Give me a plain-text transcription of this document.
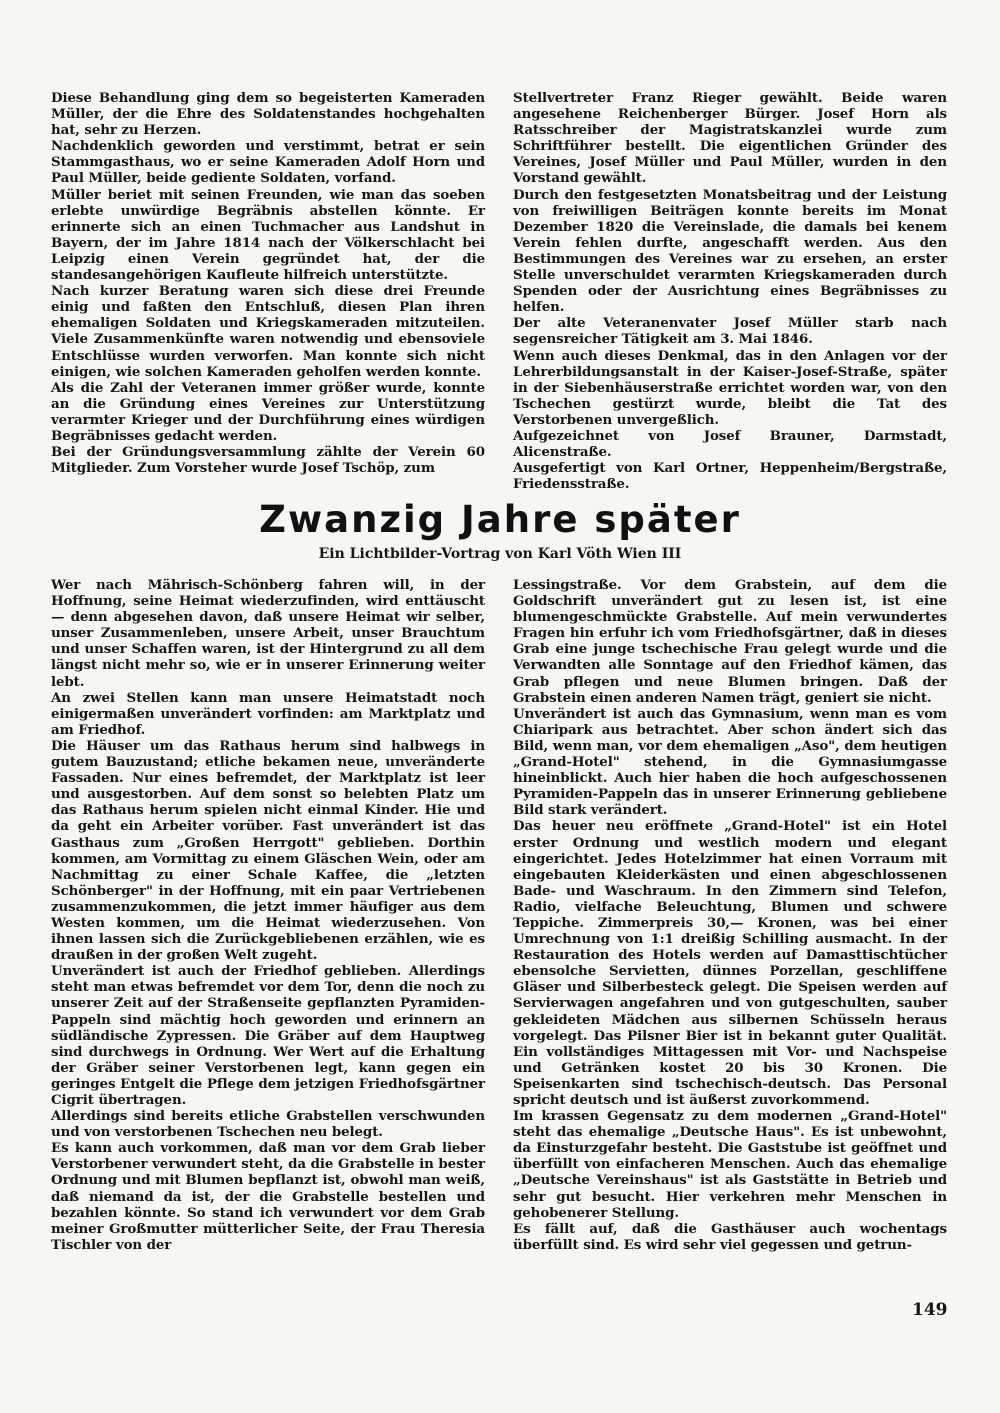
Diese Behandlung ging dem so begeisterten Kameraden Müller, der die Ehre des Soldatenstandes hochgehalten hat, sehr zu Herzen.

Nachdenklich geworden und verstimmt, betrat er sein Stammgasthaus, wo er seine Kameraden Adolf Horn und Paul Müller, beide gediente Soldaten, vorfand.

Müller beriet mit seinen Freunden, wie man das soeben erlebte unwürdige Begräbnis abstellen könnte. Er erinnerte sich an einen Tuchmacher aus Landshut in Bayern, der im Jahre 1814 nach der Völkerschlacht bei Leipzig einen Verein gegründet hat, der die standesangehörigen Kaufleute hilfreich unterstützte.

Nach kurzer Beratung waren sich diese drei Freunde einig und faßten den Entschluß, diesen Plan ihren ehemaligen Soldaten und Kriegskameraden mitzuteilen. Viele Zusammenkünfte waren notwendig und ebensoviele Entschlüsse wurden verworfen. Man konnte sich nicht einigen, wie solchen Kameraden geholfen werden konnte.

Als die Zahl der Veteranen immer größer wurde, konnte an die Gründung eines Vereines zur Unterstützung verarmter Krieger und der Durchführung eines würdigen Begräbnisses gedacht werden.

Bei der Gründungsversammlung zählte der Verein 60 Mitglieder. Zum Vorsteher wurde Josef Tschöp, zum

Stellvertreter Franz Rieger gewählt. Beide waren angesehene Reichenberger Bürger. Josef Horn als Ratsschreiber der Magistratskanzlei wurde zum Schriftführer bestellt. Die eigentlichen Gründer des Vereines, Josef Müller und Paul Müller, wurden in den Vorstand gewählt.

Durch den festgesetzten Monatsbeitrag und der Leistung von freiwilligen Beiträgen konnte bereits im Monat Dezember 1820 die Vereinslade, die damals bei kenem Verein fehlen durfte, angeschafft werden. Aus den Bestimmungen des Vereines war zu ersehen, an erster Stelle unverschuldet verarmten Kriegskameraden durch Spenden oder der Ausrichtung eines Begräbnisses zu helfen.

Der alte Veteranenvater Josef Müller starb nach segensreicher Tätigkeit am 3. Mai 1846.

Wenn auch dieses Denkmal, das in den Anlagen vor der Lehrerbildungsanstalt in der Kaiser-Josef-Straße, später in der Siebenhäuserstraße errichtet worden war, von den Tschechen gestürzt wurde, bleibt die Tat des Verstorbenen unvergeßlich.

Aufgezeichnet von Josef Brauner, Darmstadt, Alicenstraße.

Ausgefertigt von Karl Ortner, Heppenheim/Bergstraße, Friedensstraße.

Zwanzig Jahre später
Ein Lichtbilder-Vortrag von Karl Vöth Wien III

Wer nach Mährisch-Schönberg fahren will, in der Hoffnung, seine Heimat wiederzufinden, wird enttäuscht — denn abgesehen davon, daß unsere Heimat wir selber, unser Zusammenleben, unsere Arbeit, unser Brauchtum und unser Schaffen waren, ist der Hintergrund zu all dem längst nicht mehr so, wie er in unserer Erinnerung weiter lebt.

An zwei Stellen kann man unsere Heimatstadt noch einigermaßen unverändert vorfinden: am Marktplatz und am Friedhof.

Die Häuser um das Rathaus herum sind halbwegs in gutem Bauzustand; etliche bekamen neue, unveränderte Fassaden. Nur eines befremdet, der Marktplatz ist leer und ausgestorben. Auf dem sonst so belebten Platz um das Rathaus herum spielen nicht einmal Kinder. Hie und da geht ein Arbeiter vorüber. Fast unverändert ist das Gasthaus zum „Großen Herrgott" geblieben. Dorthin kommen, am Vormittag zu einem Gläschen Wein, oder am Nachmittag zu einer Schale Kaffee, die „letzten Schönberger" in der Hoffnung, mit ein paar Vertriebenen zusammenzukommen, die jetzt immer häufiger aus dem Westen kommen, um die Heimat wiederzusehen. Von ihnen lassen sich die Zurückgebliebenen erzählen, wie es draußen in der großen Welt zugeht.

Unverändert ist auch der Friedhof geblieben. Allerdings steht man etwas befremdet vor dem Tor, denn die noch zu unserer Zeit auf der Straßenseite gepflanzten Pyramiden-Pappeln sind mächtig hoch geworden und erinnern an südländische Zypressen. Die Gräber auf dem Hauptweg sind durchwegs in Ordnung. Wer Wert auf die Erhaltung der Gräber seiner Verstorbenen legt, kann gegen ein geringes Entgelt die Pflege dem jetzigen Friedhofsgärtner Cigrit übertragen.

Allerdings sind bereits etliche Grabstellen verschwunden und von verstorbenen Tschechen neu belegt.

Es kann auch vorkommen, daß man vor dem Grab lieber Verstorbener verwundert steht, da die Grabstelle in bester Ordnung und mit Blumen bepflanzt ist, obwohl man weiß, daß niemand da ist, der die Grabstelle bestellen und bezahlen könnte. So stand ich verwundert vor dem Grab meiner Großmutter mütterlicher Seite, der Frau Theresia Tischler von der

Lessingstraße. Vor dem Grabstein, auf dem die Goldschrift unverändert gut zu lesen ist, ist eine blumengeschmückte Grabstelle. Auf mein verwundertes Fragen hin erfuhr ich vom Friedhofsgärtner, daß in dieses Grab eine junge tschechische Frau gelegt wurde und die Verwandten alle Sonntage auf den Friedhof kämen, das Grab pflegen und neue Blumen bringen. Daß der Grabstein einen anderen Namen trägt, geniert sie nicht.

Unverändert ist auch das Gymnasium, wenn man es vom Chiaripark aus betrachtet. Aber schon ändert sich das Bild, wenn man, vor dem ehemaligen „Aso", dem heutigen „Grand-Hotel" stehend, in die Gymnasiumgasse hineinblickt. Auch hier haben die hoch aufgeschossenen Pyramiden-Pappeln das in unserer Erinnerung gebliebene Bild stark verändert.

Das heuer neu eröffnete „Grand-Hotel" ist ein Hotel erster Ordnung und westlich modern und elegant eingerichtet. Jedes Hotelzimmer hat einen Vorraum mit eingebauten Kleiderkästen und einen abgeschlossenen Bade- und Waschraum. In den Zimmern sind Telefon, Radio, vielfache Beleuchtung, Blumen und schwere Teppiche. Zimmerpreis 30,— Kronen, was bei einer Umrechnung von 1:1 dreißig Schilling ausmacht. In der Restauration des Hotels werden auf Damasttischtücher ebensolche Servietten, dünnes Porzellan, geschliffene Gläser und Silberbesteck gelegt. Die Speisen werden auf Servierwagen angefahren und von gutgeschulten, sauber gekleideten Mädchen aus silbernen Schüsseln heraus vorgelegt. Das Pilsner Bier ist in bekannt guter Qualität. Ein vollständiges Mittagessen mit Vor- und Nachspeise und Getränken kostet 20 bis 30 Kronen. Die Speisenkarten sind tschechisch-deutsch. Das Personal spricht deutsch und ist äußerst zuvorkommend.

Im krassen Gegensatz zu dem modernen „Grand-Hotel" steht das ehemalige „Deutsche Haus". Es ist unbewohnt, da Einsturzgefahr besteht. Die Gaststube ist geöffnet und überfüllt von einfacheren Menschen. Auch das ehemalige „Deutsche Vereinshaus" ist als Gaststätte in Betrieb und sehr gut besucht. Hier verkehren mehr Menschen in gehobenerer Stellung.

Es fällt auf, daß die Gasthäuser auch wochentags überfüllt sind. Es wird sehr viel gegessen und getrun-

149
